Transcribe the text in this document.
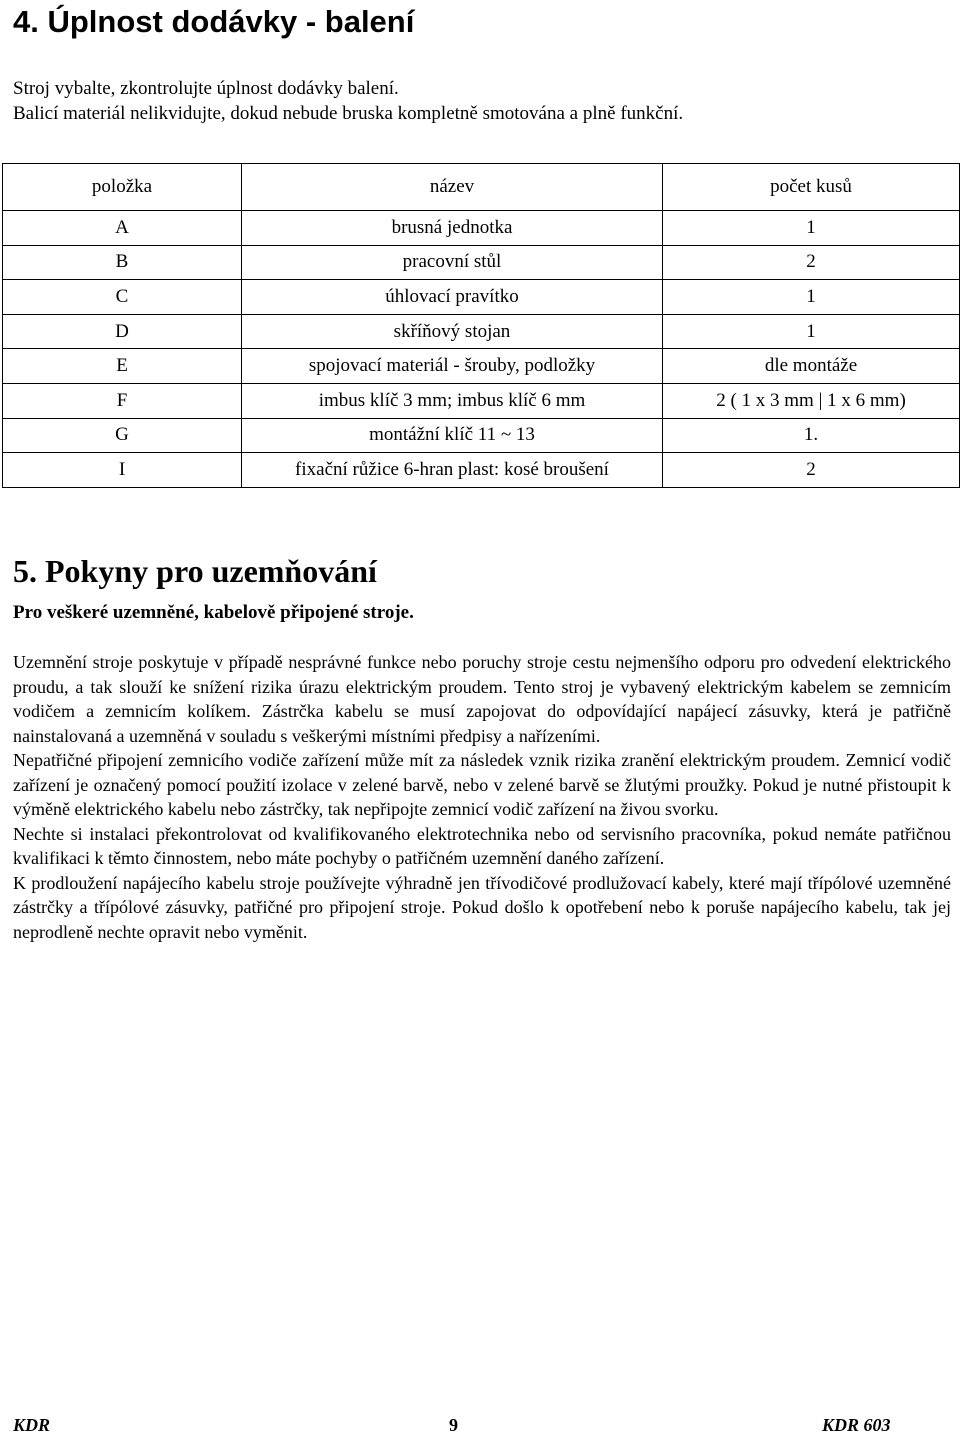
4. Úplnost dodávky - balení
Stroj vybalte, zkontrolujte úplnost dodávky balení.
Balicí materiál nelikvidujte, dokud nebude bruska kompletně smotována a plně funkční.
položka	název	počet kusů
A	brusná jednotka	1
B	pracovní stůl	2
C	úhlovací pravítko	1
D	skříňový stojan	1
E	spojovací materiál - šrouby, podložky	dle montáže
F	imbus klíč 3 mm; imbus klíč 6 mm	2 ( 1 x 3 mm | 1 x 6 mm)
G	montážní klíč 11 ~ 13	1.
I	fixační růžice 6-hran plast: kosé broušení	2
5. Pokyny pro uzemňování
Pro veškeré uzemněné, kabelově připojené stroje.

Uzemnění stroje poskytuje v případě nesprávné funkce nebo poruchy stroje cestu nejmenšího odporu pro odvedení elektrického proudu, a tak slouží ke snížení rizika úrazu elektrickým proudem. Tento stroj je vybavený elektrickým kabelem se zemnicím vodičem a zemnicím kolíkem. Zástrčka kabelu se musí zapojovat do odpovídající napájecí zásuvky, která je patřičně nainstalovaná a uzemněná v souladu s veškerými místními předpisy a nařízeními.

Nepatřičné připojení zemnicího vodiče zařízení může mít za následek vznik rizika zranění elektrickým proudem. Zemnicí vodič zařízení je označený pomocí použití izolace v zelené barvě, nebo v zelené barvě se žlutými proužky. Pokud je nutné přistoupit k výměně elektrického kabelu nebo zástrčky, tak nepřipojte zemnicí vodič zařízení na živou svorku.

Nechte si instalaci překontrolovat od kvalifikovaného elektrotechnika nebo od servisního pracovníka, pokud nemáte patřičnou kvalifikaci k těmto činnostem, nebo máte pochyby o patřičném uzemnění daného zařízení.

K prodloužení napájecího kabelu stroje používejte výhradně jen třívodičové prodlužovací kabely, které mají třípólové uzemněné zástrčky a třípólové zásuvky, patřičné pro připojení stroje. Pokud došlo k opotřebení nebo k poruše napájecího kabelu, tak jej neprodleně nechte opravit nebo vyměnit.

KDR	9	KDR 603
